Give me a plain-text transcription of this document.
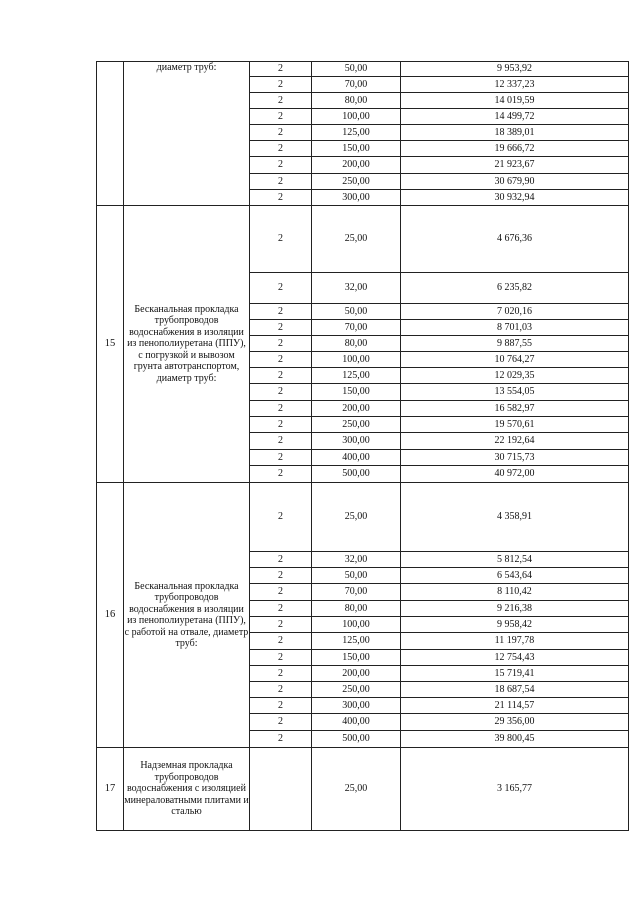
	диаметр труб:	2	50,00	9 953,92
		2	70,00	12 337,23
		2	80,00	14 019,59
		2	100,00	14 499,72
		2	125,00	18 389,01
		2	150,00	19 666,72
		2	200,00	21 923,67
		2	250,00	30 679,90
		2	300,00	30 932,94
15	Бесканальная прокладка трубопроводов водоснабжения в изоляции из пенополиуретана (ППУ), с погрузкой и вывозом грунта автотранспортом, диаметр труб:	2	25,00	4 676,36
		2	32,00	6 235,82
		2	50,00	7 020,16
		2	70,00	8 701,03
		2	80,00	9 887,55
		2	100,00	10 764,27
		2	125,00	12 029,35
		2	150,00	13 554,05
		2	200,00	16 582,97
		2	250,00	19 570,61
		2	300,00	22 192,64
		2	400,00	30 715,73
		2	500,00	40 972,00
16	Бесканальная прокладка трубопроводов водоснабжения в изоляции из пенополиуретана (ППУ), с работой на отвале, диаметр труб:	2	25,00	4 358,91
		2	32,00	5 812,54
		2	50,00	6 543,64
		2	70,00	8 110,42
		2	80,00	9 216,38
		2	100,00	9 958,42
		2	125,00	11 197,78
		2	150,00	12 754,43
		2	200,00	15 719,41
		2	250,00	18 687,54
		2	300,00	21 114,57
		2	400,00	29 356,00
		2	500,00	39 800,45
17	Надземная прокладка трубопроводов водоснабжения с изоляцией минераловатными плитами и сталью		25,00	3 165,77
